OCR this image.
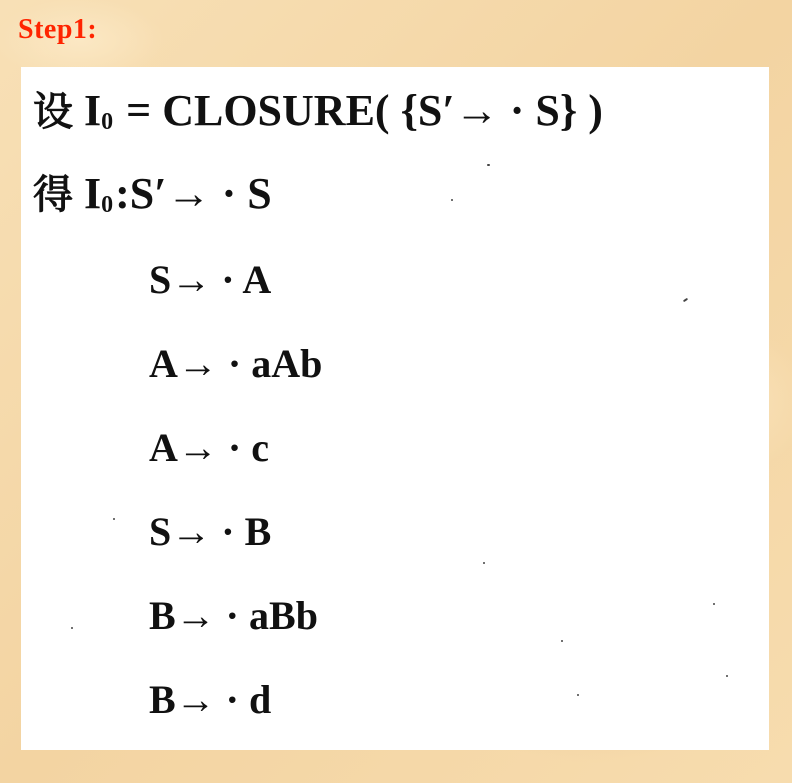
Step1:
设 $I_0$ = CLOSURE( {S′→ · S} )
得 $I_0:S'\to \cdot S$
S→ · A
A→ · aAb
A→ · c
S→ · B
B→ · aBb
B→ · d
